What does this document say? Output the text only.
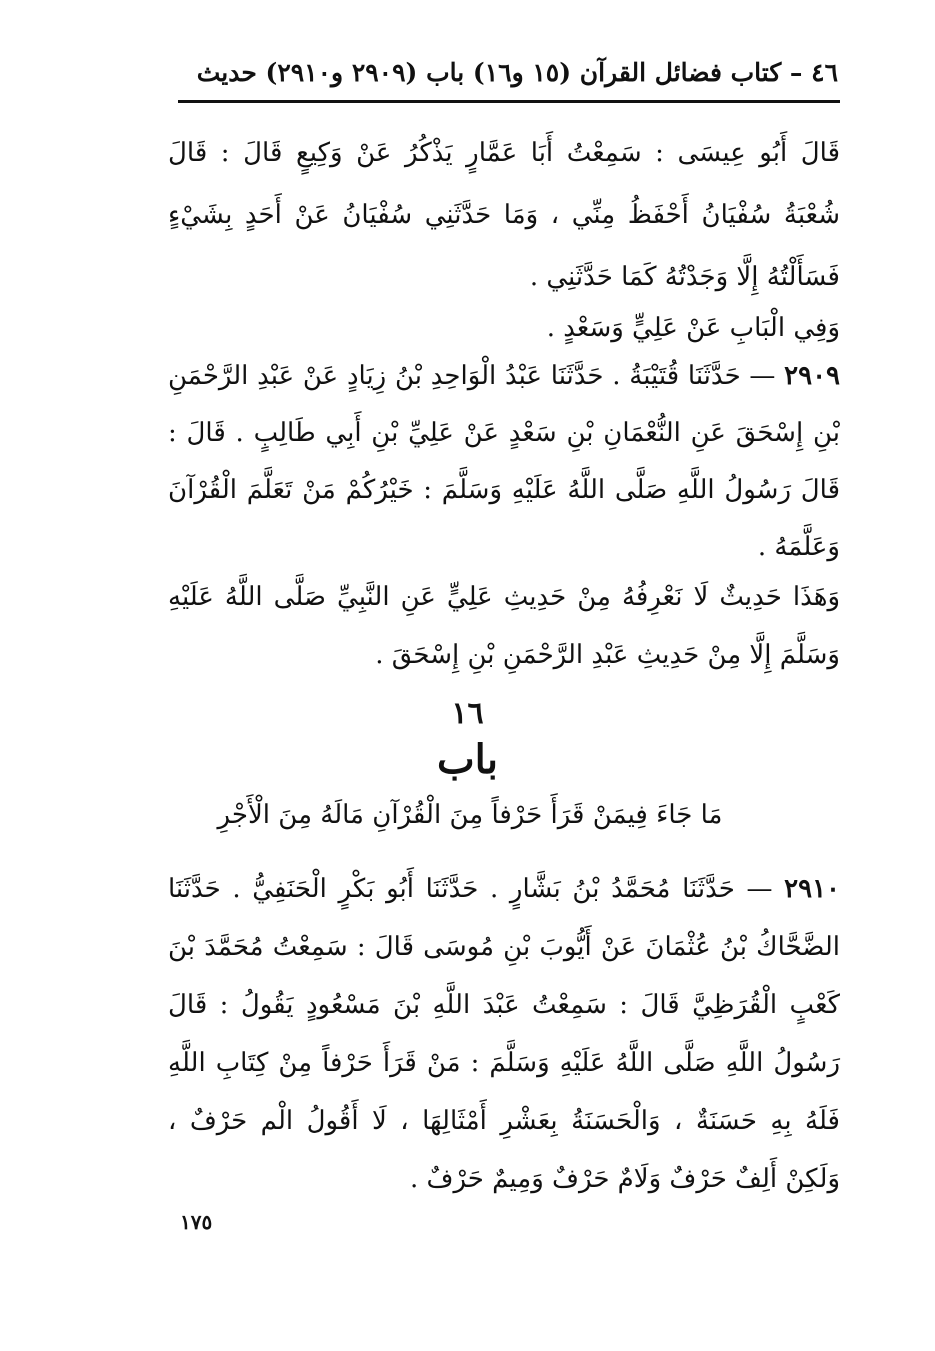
٤٦ – كتاب فضائل القرآن (١٥ و١٦) باب (٢٩٠٩ و٢٩١٠) حديث
قَالَ أَبُو عِيسَى : سَمِعْتُ أَبَا عَمَّارٍ يَذْكُرُ عَنْ وَكِيعٍ قَالَ : قَالَ شُعْبَةُ سُفْيَانُ أَحْفَظُ مِنِّي ، وَمَا حَدَّثَنِي سُفْيَانُ عَنْ أَحَدٍ بِشَيْءٍ فَسَأَلْتُهُ إِلَّا وَجَدْتُهُ كَمَا حَدَّثَنِي .
وَفِي الْبَابِ عَنْ عَلِيٍّ وَسَعْدٍ .
٢٩٠٩ — حَدَّثَنَا قُتَيْبَةُ . حَدَّثَنَا عَبْدُ الْوَاحِدِ بْنُ زِيَادٍ عَنْ عَبْدِ الرَّحْمَنِ بْنِ إِسْحَقَ عَنِ النُّعْمَانِ بْنِ سَعْدٍ عَنْ عَلِيِّ بْنِ أَبِي طَالِبٍ . قَالَ : قَالَ رَسُولُ اللَّهِ صَلَّى اللَّهُ عَلَيْهِ وَسَلَّمَ : خَيْرُكُمْ مَنْ تَعَلَّمَ الْقُرْآنَ وَعَلَّمَهُ .
وَهَذَا حَدِيثٌ لَا نَعْرِفُهُ مِنْ حَدِيثِ عَلِيٍّ عَنِ النَّبِيِّ صَلَّى اللَّهُ عَلَيْهِ وَسَلَّمَ إِلَّا مِنْ حَدِيثِ عَبْدِ الرَّحْمَنِ بْنِ إِسْحَقَ .
١٦
باب
مَا جَاءَ فِيمَنْ قَرَأَ حَرْفاً مِنَ الْقُرْآنِ مَالَهُ مِنَ الْأَجْرِ
٢٩١٠ — حَدَّثَنَا مُحَمَّدُ بْنُ بَشَّارٍ . حَدَّثَنَا أَبُو بَكْرٍ الْحَنَفِيُّ . حَدَّثَنَا الضَّحَّاكُ بْنُ عُثْمَانَ عَنْ أَيُّوبَ بْنِ مُوسَى قَالَ : سَمِعْتُ مُحَمَّدَ بْنَ كَعْبٍ الْقُرَظِيَّ قَالَ : سَمِعْتُ عَبْدَ اللَّهِ بْنَ مَسْعُودٍ يَقُولُ : قَالَ رَسُولُ اللَّهِ صَلَّى اللَّهُ عَلَيْهِ وَسَلَّمَ : مَنْ قَرَأَ حَرْفاً مِنْ كِتَابِ اللَّهِ فَلَهُ بِهِ حَسَنَةٌ ، وَالْحَسَنَةُ بِعَشْرِ أَمْثَالِهَا ، لَا أَقُولُ الْم حَرْفٌ ، وَلَكِنْ أَلِفٌ حَرْفٌ وَلَامٌ حَرْفٌ وَمِيمٌ حَرْفٌ .
١٧٥
